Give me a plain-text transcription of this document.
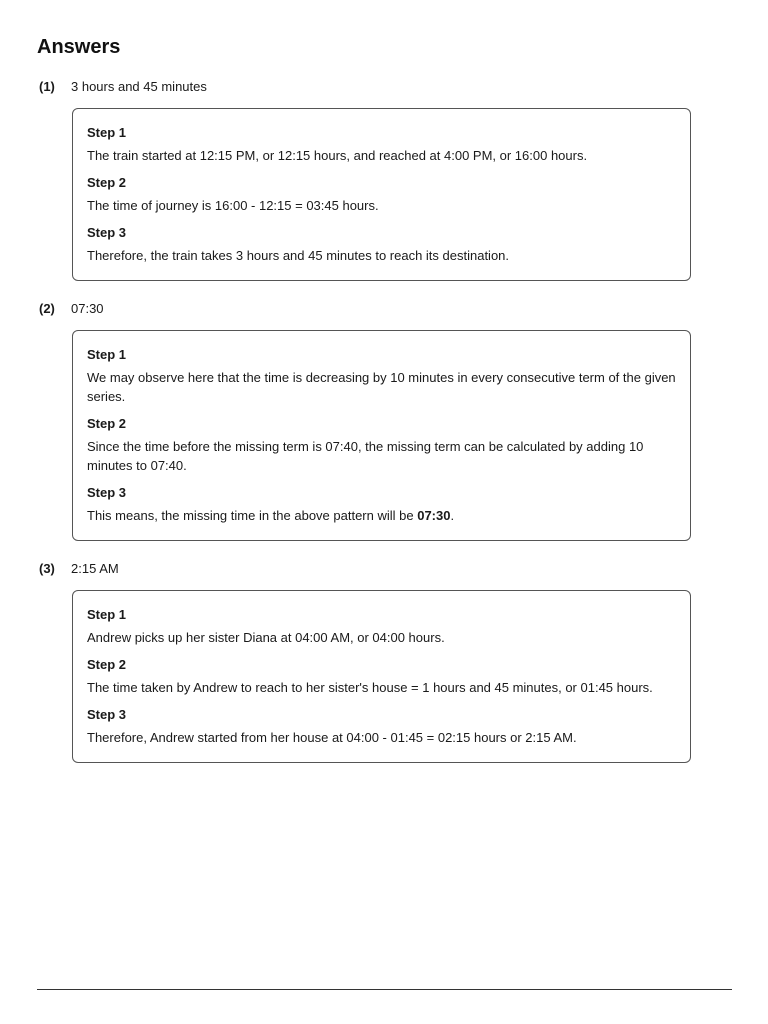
Answers
(1) 3 hours and 45 minutes

Step 1

The train started at 12:15 PM, or 12:15 hours, and reached at 4:00 PM, or 16:00 hours.

Step 2

The time of journey is 16:00 - 12:15 = 03:45 hours.

Step 3

Therefore, the train takes 3 hours and 45 minutes to reach its destination.

(2) 07:30

Step 1

We may observe here that the time is decreasing by 10 minutes in every consecutive term of the given series.

Step 2

Since the time before the missing term is 07:40, the missing term can be calculated by adding 10 minutes to 07:40.

Step 3

This means, the missing time in the above pattern will be 07:30.

(3) 2:15 AM

Step 1

Andrew picks up her sister Diana at 04:00 AM, or 04:00 hours.

Step 2

The time taken by Andrew to reach to her sister's house = 1 hours and 45 minutes, or 01:45 hours.

Step 3

Therefore, Andrew started from her house at 04:00 - 01:45 = 02:15 hours or 2:15 AM.
